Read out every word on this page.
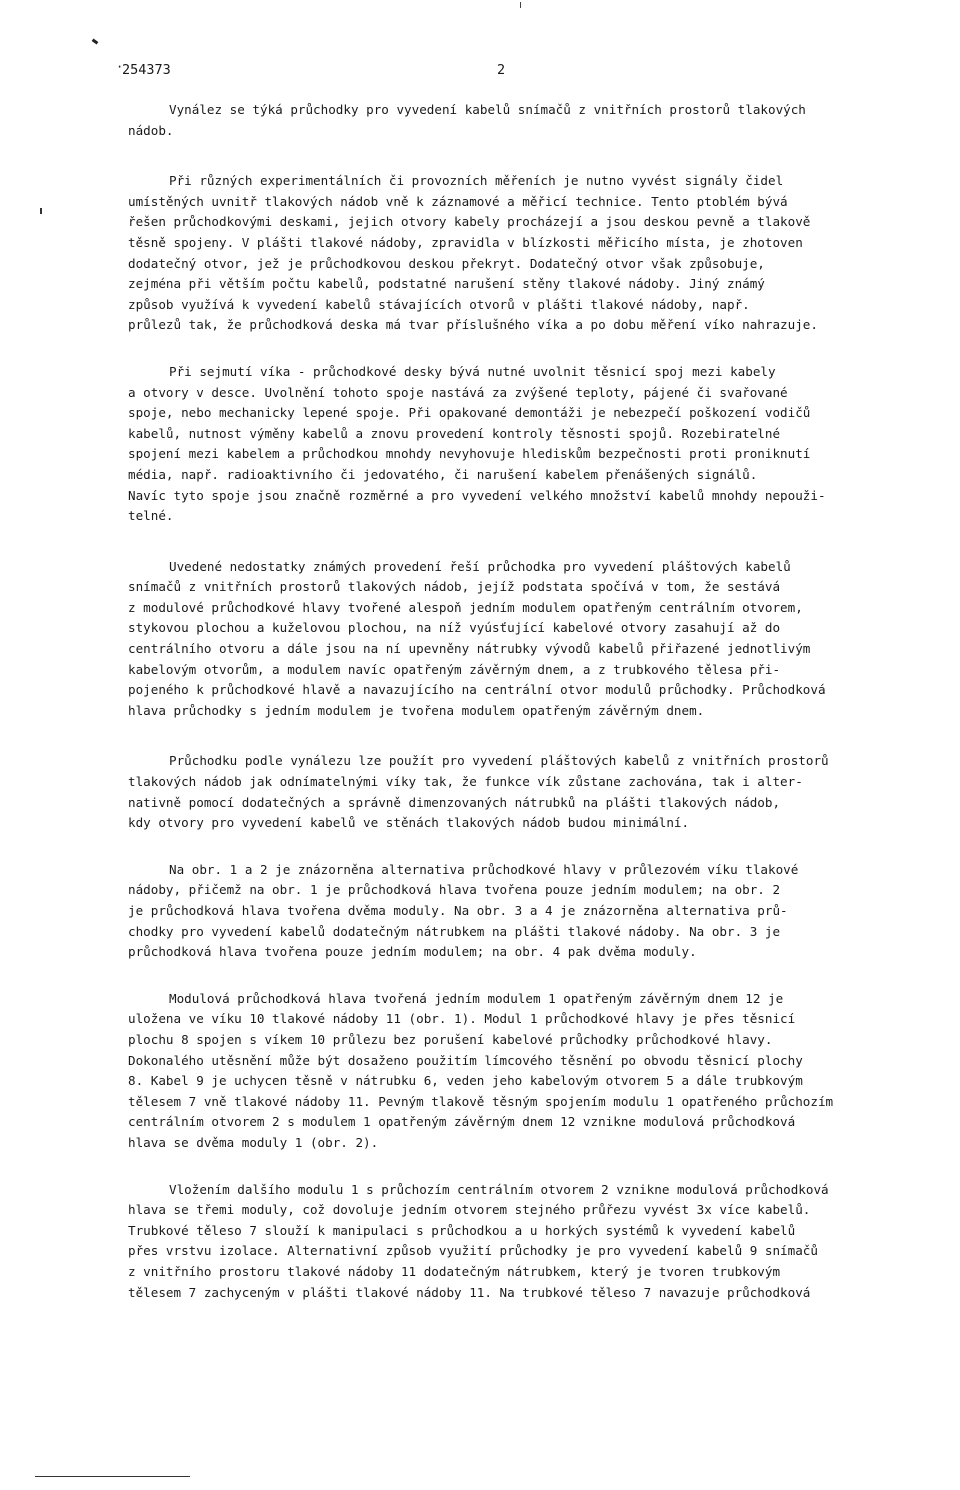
·
254373	2

Vynález se týká průchodky pro vyvedení kabelů snímačů z vnitřních prostorů tlakových
nádob.

Při různých experimentálních či provozních měřeních je nutno vyvést signály čidel
umístěných uvnitř tlakových nádob vně k záznamové a měřicí technice. Tento ptoblém bývá
řešen průchodkovými deskami, jejich otvory kabely procházejí a jsou deskou pevně a tlakově
těsně spojeny. V plášti tlakové nádoby, zpravidla v blízkosti měřicího místa, je zhotoven
dodatečný otvor, jež je průchodkovou deskou překryt. Dodatečný otvor však způsobuje,
zejména při větším počtu kabelů, podstatné narušení stěny tlakové nádoby. Jiný známý
způsob využívá k vyvedení kabelů stávajících otvorů v plášti tlakové nádoby, např.
průlezů tak, že průchodková deska má tvar příslušného víka a po dobu měření víko nahrazuje.

Při sejmutí víka - průchodkové desky bývá nutné uvolnit těsnicí spoj mezi kabely
a otvory v desce. Uvolnění tohoto spoje nastává za zvýšené teploty, pájené či svařované
spoje, nebo mechanicky lepené spoje. Při opakované demontáži je nebezpečí poškození vodičů
kabelů, nutnost výměny kabelů a znovu provedení kontroly těsnosti spojů. Rozebiratelné
spojení mezi kabelem a průchodkou mnohdy nevyhovuje hlediskům bezpečnosti proti proniknutí
média, např. radioaktivního či jedovatého, či narušení kabelem přenášených signálů.
Navíc tyto spoje jsou značně rozměrné a pro vyvedení velkého množství kabelů mnohdy nepouži-
telné.

Uvedené nedostatky známých provedení řeší průchodka pro vyvedení pláštových kabelů
snímačů z vnitřních prostorů tlakových nádob, jejíž podstata spočívá v tom, že sestává
z modulové průchodkové hlavy tvořené alespoň jedním modulem opatřeným centrálním otvorem,
stykovou plochou a kuželovou plochou, na níž vyúsťující kabelové otvory zasahují až do
centrálního otvoru a dále jsou na ní upevněny nátrubky vývodů kabelů přiřazené jednotlivým
kabelovým otvorům, a modulem navíc opatřeným závěrným dnem, a z trubkového tělesa při-
pojeného k průchodkové hlavě a navazujícího na centrální otvor modulů průchodky. Průchodková
hlava průchodky s jedním modulem je tvořena modulem opatřeným závěrným dnem.

Průchodku podle vynálezu lze použít pro vyvedení pláštových kabelů z vnitřních prostorů
tlakových nádob jak odnímatelnými víky tak, že funkce vík zůstane zachována, tak i alter-
nativně pomocí dodatečných a správně dimenzovaných nátrubků na plášti tlakových nádob,
kdy otvory pro vyvedení kabelů ve stěnách tlakových nádob budou minimální.

Na obr. 1 a 2 je znázorněna alternativa průchodkové hlavy v průlezovém víku tlakové
nádoby, přičemž na obr. 1 je průchodková hlava tvořena pouze jedním modulem; na obr. 2
je průchodková hlava tvořena dvěma moduly. Na obr. 3 a 4 je znázorněna alternativa prů-
chodky pro vyvedení kabelů dodatečným nátrubkem na plášti tlakové nádoby. Na obr. 3 je
průchodková hlava tvořena pouze jedním modulem; na obr. 4 pak dvěma moduly.

Modulová průchodková hlava tvořená jedním modulem 1 opatřeným závěrným dnem 12 je
uložena ve víku 10 tlakové nádoby 11 (obr. 1). Modul 1 průchodkové hlavy je přes těsnicí
plochu 8 spojen s víkem 10 průlezu bez porušení kabelové průchodky průchodkové hlavy.
Dokonalého utěsnění může být dosaženo použitím límcového těsnění po obvodu těsnicí plochy
8. Kabel 9 je uchycen těsně v nátrubku 6, veden jeho kabelovým otvorem 5 a dále trubkovým
tělesem 7 vně tlakové nádoby 11. Pevným tlakově těsným spojením modulu 1 opatřeného průchozím
centrálním otvorem 2 s modulem 1 opatřeným závěrným dnem 12 vznikne modulová průchodková
hlava se dvěma moduly 1 (obr. 2).

Vložením dalšího modulu 1 s průchozím centrálním otvorem 2 vznikne modulová průchodková
hlava se třemi moduly, což dovoluje jedním otvorem stejného průřezu vyvést 3x více kabelů.
Trubkové těleso 7 slouží k manipulaci s průchodkou a u horkých systémů k vyvedení kabelů
přes vrstvu izolace. Alternativní způsob využití průchodky je pro vyvedení kabelů 9 snímačů
z vnitřního prostoru tlakové nádoby 11 dodatečným nátrubkem, který je tvoren trubkovým
tělesem 7 zachyceným v plášti tlakové nádoby 11. Na trubkové těleso 7 navazuje průchodková
